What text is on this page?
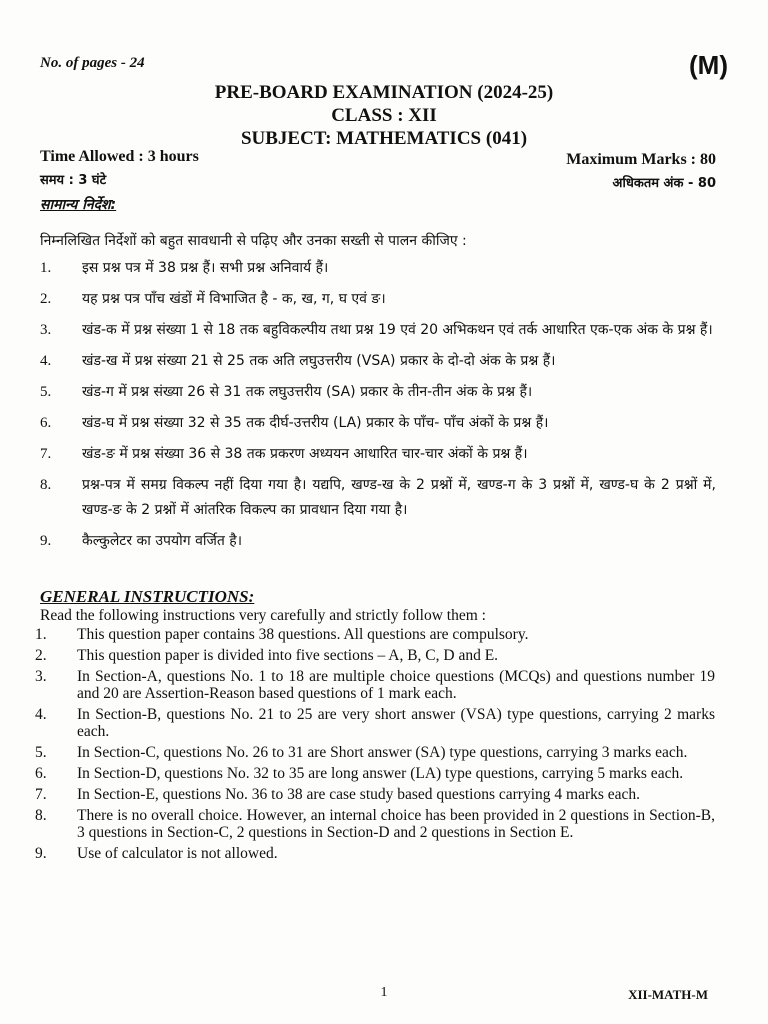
No. of pages - 24	(M)
PRE-BOARD EXAMINATION (2024-25)
CLASS : XII
SUBJECT: MATHEMATICS (041)
Time Allowed : 3 hours
समय : 3 घंटे
Maximum Marks : 80
अधिकतम अंक - 80
सामान्य निर्देश:
निम्नलिखित निर्देशों को बहुत सावधानी से पढ़िए और उनका सख्ती से पालन कीजिए :
1.	इस प्रश्न पत्र में 38 प्रश्न हैं। सभी प्रश्न अनिवार्य हैं।
2.	यह प्रश्न पत्र पाँच खंडों में विभाजित है - क, ख, ग, घ एवं ङ।
3.	खंड-क में प्रश्न संख्या 1 से 18 तक बहुविकल्पीय तथा प्रश्न 19 एवं 20 अभिकथन एवं तर्क आधारित एक-एक अंक के प्रश्न हैं।
4.	खंड-ख में प्रश्न संख्या 21 से 25 तक अति लघुउत्तरीय (VSA) प्रकार के दो-दो अंक के प्रश्न हैं।
5.	खंड-ग में प्रश्न संख्या 26 से 31 तक लघुउत्तरीय (SA) प्रकार के तीन-तीन अंक के प्रश्न हैं।
6.	खंड-घ में प्रश्न संख्या 32 से 35 तक दीर्घ-उत्तरीय (LA) प्रकार के पाँच- पाँच अंकों के प्रश्न हैं।
7.	खंड-ङ में प्रश्न संख्या 36 से 38 तक प्रकरण अध्ययन आधारित चार-चार अंकों के प्रश्न हैं।
8.	प्रश्न-पत्र में समग्र विकल्प नहीं दिया गया है। यद्यपि, खण्ड-ख के 2 प्रश्नों में, खण्ड-ग के 3 प्रश्नों में, खण्ड-घ के 2 प्रश्नों में, खण्ड-ङ के 2 प्रश्नों में आंतरिक विकल्प का प्रावधान दिया गया है।
9.	कैल्कुलेटर का उपयोग वर्जित है।
GENERAL INSTRUCTIONS:
Read the following instructions very carefully and strictly follow them :
1.	This question paper contains 38 questions. All questions are compulsory.
2.	This question paper is divided into five sections – A, B, C, D and E.
3.	In Section-A, questions No. 1 to 18 are multiple choice questions (MCQs) and questions number 19 and 20 are Assertion-Reason based questions of 1 mark each.
4.	In Section-B, questions No. 21 to 25 are very short answer (VSA) type questions, carrying 2 marks each.
5.	In Section-C, questions No. 26 to 31 are Short answer (SA) type questions, carrying 3 marks each.
6.	In Section-D, questions No. 32 to 35 are long answer (LA) type questions, carrying 5 marks each.
7.	In Section-E, questions No. 36 to 38 are case study based questions carrying 4 marks each.
8.	There is no overall choice. However, an internal choice has been provided in 2 questions in Section-B, 3 questions in Section-C, 2 questions in Section-D and 2 questions in Section E.
9.	Use of calculator is not allowed.
1	XII-MATH-M
